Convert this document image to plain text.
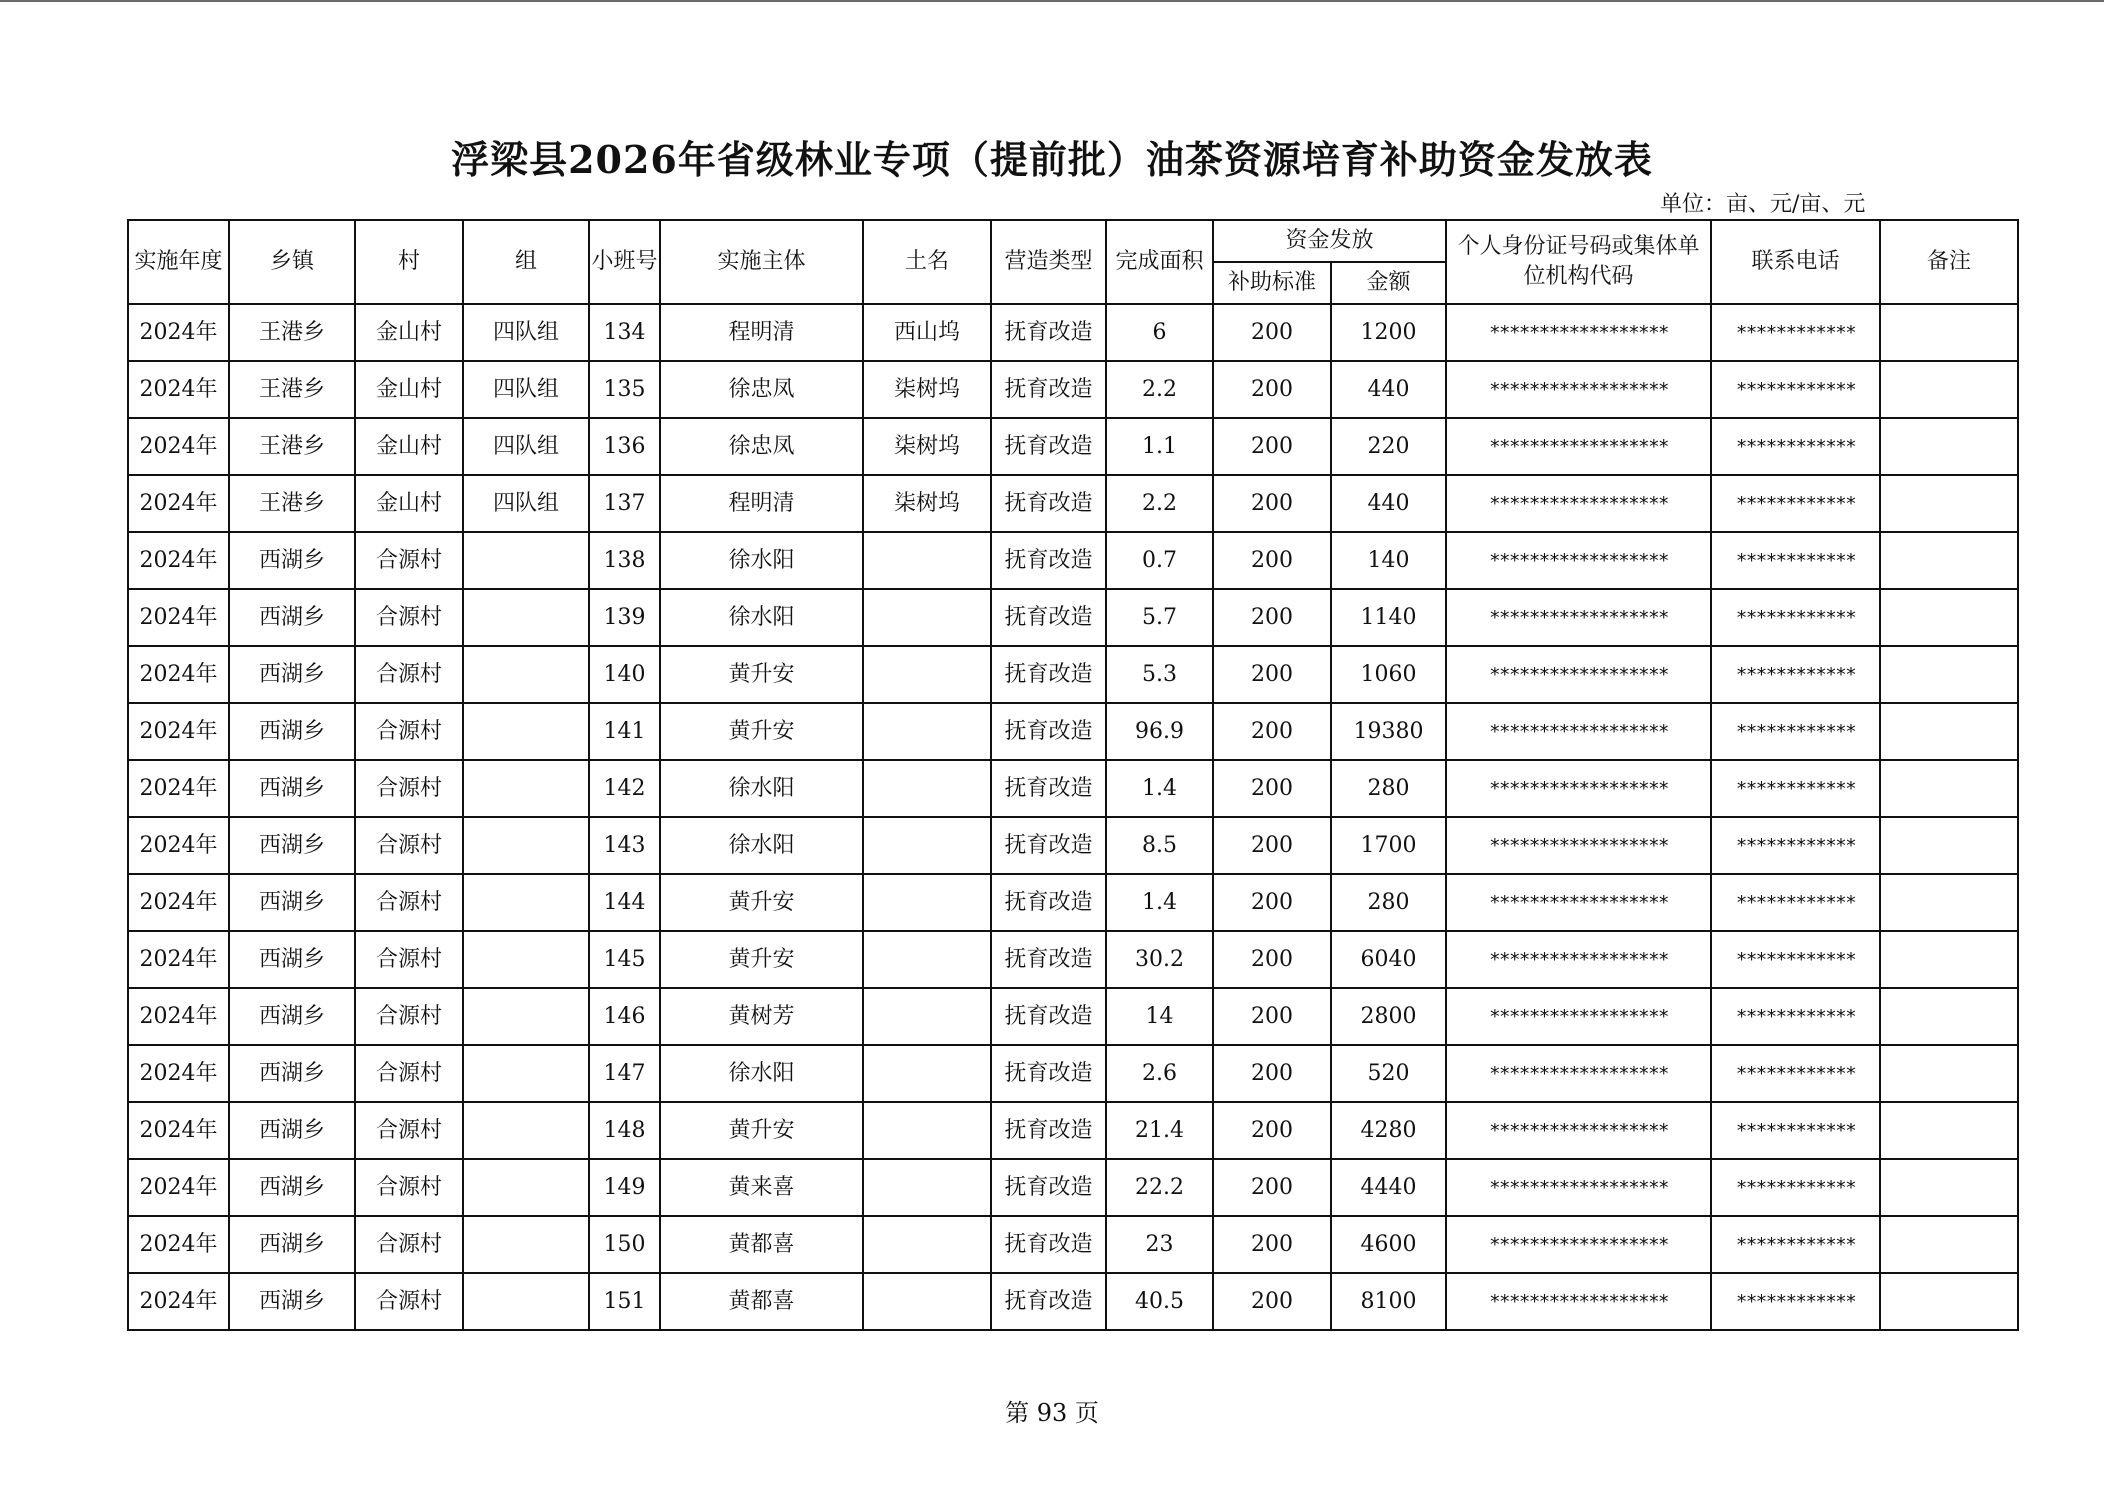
浮梁县2026年省级林业专项（提前批）油茶资源培育补助资金发放表
单位：亩、元/亩、元
实施年度	乡镇	村	组	小班号	实施主体	土名	营造类型	完成面积	资金发放		个人身份证号码或集体单位机构代码	联系电话	备注
									补助标准	金额			
2024年	王港乡	金山村	四队组	134	程明清	西山坞	抚育改造	6	200	1200	******************	************	
2024年	王港乡	金山村	四队组	135	徐忠凤	柒树坞	抚育改造	2.2	200	440	******************	************	
2024年	王港乡	金山村	四队组	136	徐忠凤	柒树坞	抚育改造	1.1	200	220	******************	************	
2024年	王港乡	金山村	四队组	137	程明清	柒树坞	抚育改造	2.2	200	440	******************	************	
2024年	西湖乡	合源村		138	徐水阳		抚育改造	0.7	200	140	******************	************	
2024年	西湖乡	合源村		139	徐水阳		抚育改造	5.7	200	1140	******************	************	
2024年	西湖乡	合源村		140	黄升安		抚育改造	5.3	200	1060	******************	************	
2024年	西湖乡	合源村		141	黄升安		抚育改造	96.9	200	19380	******************	************	
2024年	西湖乡	合源村		142	徐水阳		抚育改造	1.4	200	280	******************	************	
2024年	西湖乡	合源村		143	徐水阳		抚育改造	8.5	200	1700	******************	************	
2024年	西湖乡	合源村		144	黄升安		抚育改造	1.4	200	280	******************	************	
2024年	西湖乡	合源村		145	黄升安		抚育改造	30.2	200	6040	******************	************	
2024年	西湖乡	合源村		146	黄树芳		抚育改造	14	200	2800	******************	************	
2024年	西湖乡	合源村		147	徐水阳		抚育改造	2.6	200	520	******************	************	
2024年	西湖乡	合源村		148	黄升安		抚育改造	21.4	200	4280	******************	************	
2024年	西湖乡	合源村		149	黄来喜		抚育改造	22.2	200	4440	******************	************	
2024年	西湖乡	合源村		150	黄都喜		抚育改造	23	200	4600	******************	************	
2024年	西湖乡	合源村		151	黄都喜		抚育改造	40.5	200	8100	******************	************	
第 93 页
